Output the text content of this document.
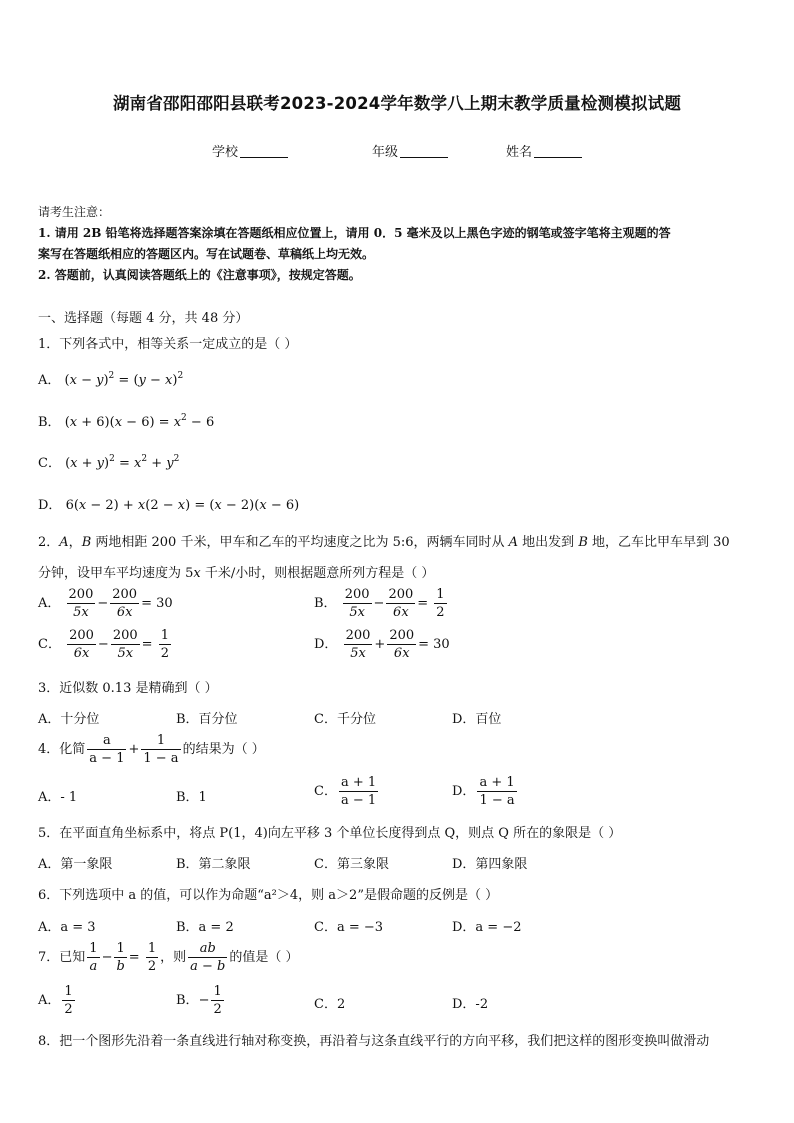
湖南省邵阳邵阳县联考2023-2024学年数学八上期末教学质量检测模拟试题
学校	年级	姓名
请考生注意：
1. 请用 2B 铅笔将选择题答案涂填在答题纸相应位置上，请用 0．5 毫米及以上黑色字迹的钢笔或签字笔将主观题的答
案写在答题纸相应的答题区内。写在试题卷、草稿纸上均无效。
2. 答题前，认真阅读答题纸上的《注意事项》，按规定答题。
一、选择题（每题 4 分，共 48 分）
1．下列各式中，相等关系一定成立的是（ ）
A． $(x - y)^2 = (y - x)^2$
B． $(x + 6)(x - 6) = x^2 - 6$
C． $(x + y)^2 = x^2 + y^2$
D． 6(x − 2) + x(2 − x) = (x − 2)(x − 6)
2．A，B 两地相距 200 千米，甲车和乙车的平均速度之比为 5:6，两辆车同时从 A 地出发到 B 地，乙车比甲车早到 30
分钟，设甲车平均速度为 5x 千米/小时，则根据题意所列方程是（ ）
A． $\frac{200}{5x} - \frac{200}{6x} = 30$	B． $\frac{200}{5x} - \frac{200}{6x} = \frac{1}{2}$
C． $\frac{200}{6x} - \frac{200}{5x} = \frac{1}{2}$	D． $\frac{200}{5x} + \frac{200}{6x} = 30$
3．近似数 0.13 是精确到（ ）
A．十分位	B．百分位	C．千分位	D．百位
4．化简 $\frac{a}{a - 1} + \frac{1}{1 - a}$ 的结果为（ ）
A．- 1	B．1	C． $\frac{a + 1}{a - 1}$	D． $\frac{a + 1}{1 - a}$
5．在平面直角坐标系中，将点 P(1，4)向左平移 3 个单位长度得到点 Q，则点 Q 所在的象限是（ ）
A．第一象限	B．第二象限	C．第三象限	D．第四象限
6．下列选项中 a 的值，可以作为命题“a²＞4，则 a＞2”是假命题的反例是（ ）
A．a = 3	B．a = 2	C．a = −3	D．a = −2
7．已知 $\frac{1}{a} - \frac{1}{b} = \frac{1}{2}$ ，则 $\frac{ab}{a - b}$ 的值是（ ）
A． $\frac{1}{2}$	B．− $\frac{1}{2}$	C．2	D．-2
8．把一个图形先沿着一条直线进行轴对称变换，再沿着与这条直线平行的方向平移，我们把这样的图形变换叫做滑动
